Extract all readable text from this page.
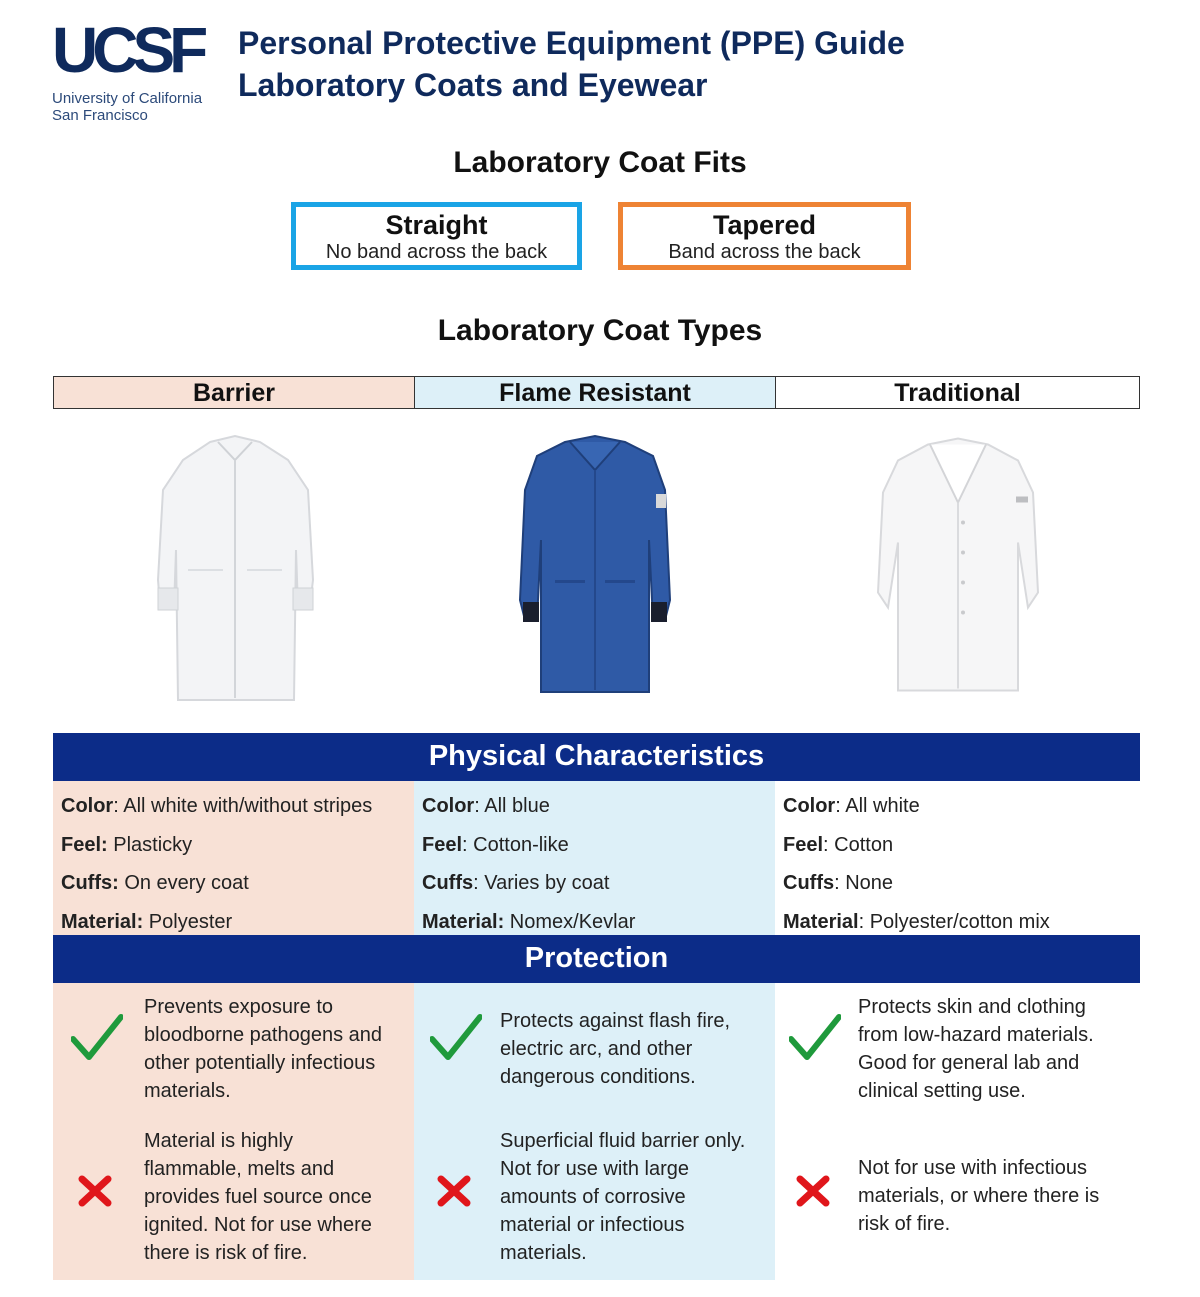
UCSF
University of California
San Francisco
Personal Protective Equipment (PPE) Guide
Laboratory Coats and Eyewear
Laboratory Coat Fits
Straight
No band across the back
Tapered
Band across the back
Laboratory Coat Types
Barrier	Flame Resistant	Traditional
Physical Characteristics
Color: All white with/without stripes
Feel: Plasticky
Cuffs: On every coat
Material: Polyester
Color: All blue
Feel: Cotton-like
Cuffs: Varies by coat
Material: Nomex/Kevlar
Color: All white
Feel: Cotton
Cuffs: None
Material: Polyester/cotton mix
Protection
Prevents exposure to
bloodborne pathogens and
other potentially infectious
materials.
Material is highly
flammable, melts and
provides fuel source once
ignited. Not for use where
there is risk of fire.
Protects against flash fire,
electric arc, and other
dangerous conditions.
Superficial fluid barrier only.
Not for use with large
amounts of corrosive
material or infectious
materials.
Protects skin and clothing
from low-hazard materials.
Good for general lab and
clinical setting use.
Not for use with infectious
materials, or where there is
risk of fire.
